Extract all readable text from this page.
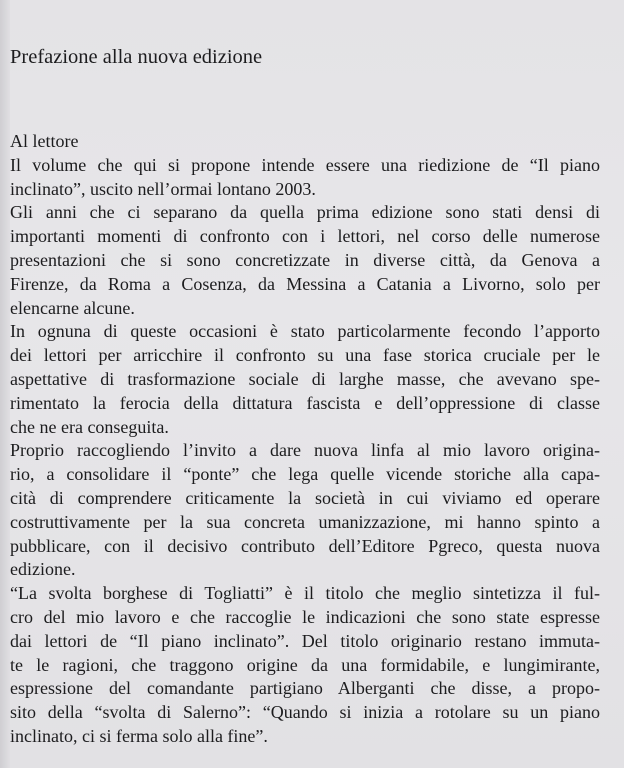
Prefazione alla nuova edizione
Al lettore
Il volume che qui si propone intende essere una riedizione de “Il piano
inclinato”, uscito nell’ormai lontano 2003.
Gli anni che ci separano da quella prima edizione sono stati densi di
importanti momenti di confronto con i lettori, nel corso delle numerose
presentazioni che si sono concretizzate in diverse città, da Genova a
Firenze, da Roma a Cosenza, da Messina a Catania a Livorno, solo per
elencarne alcune.
In ognuna di queste occasioni è stato particolarmente fecondo l’apporto
dei lettori per arricchire il confronto su una fase storica cruciale per le
aspettative di trasformazione sociale di larghe masse, che avevano spe-
rimentato la ferocia della dittatura fascista e dell’oppressione di classe
che ne era conseguita.
Proprio raccogliendo l’invito a dare nuova linfa al mio lavoro origina-
rio, a consolidare il “ponte” che lega quelle vicende storiche alla capa-
cità di comprendere criticamente la società in cui viviamo ed operare
costruttivamente per la sua concreta umanizzazione, mi hanno spinto a
pubblicare, con il decisivo contributo dell’Editore Pgreco, questa nuova
edizione.
“La svolta borghese di Togliatti” è il titolo che meglio sintetizza il ful-
cro del mio lavoro e che raccoglie le indicazioni che sono state espresse
dai lettori de “Il piano inclinato”. Del titolo originario restano immuta-
te le ragioni, che traggono origine da una formidabile, e lungimirante,
espressione del comandante partigiano Alberganti che disse, a propo-
sito della “svolta di Salerno”: “Quando si inizia a rotolare su un piano
inclinato, ci si ferma solo alla fine”.
